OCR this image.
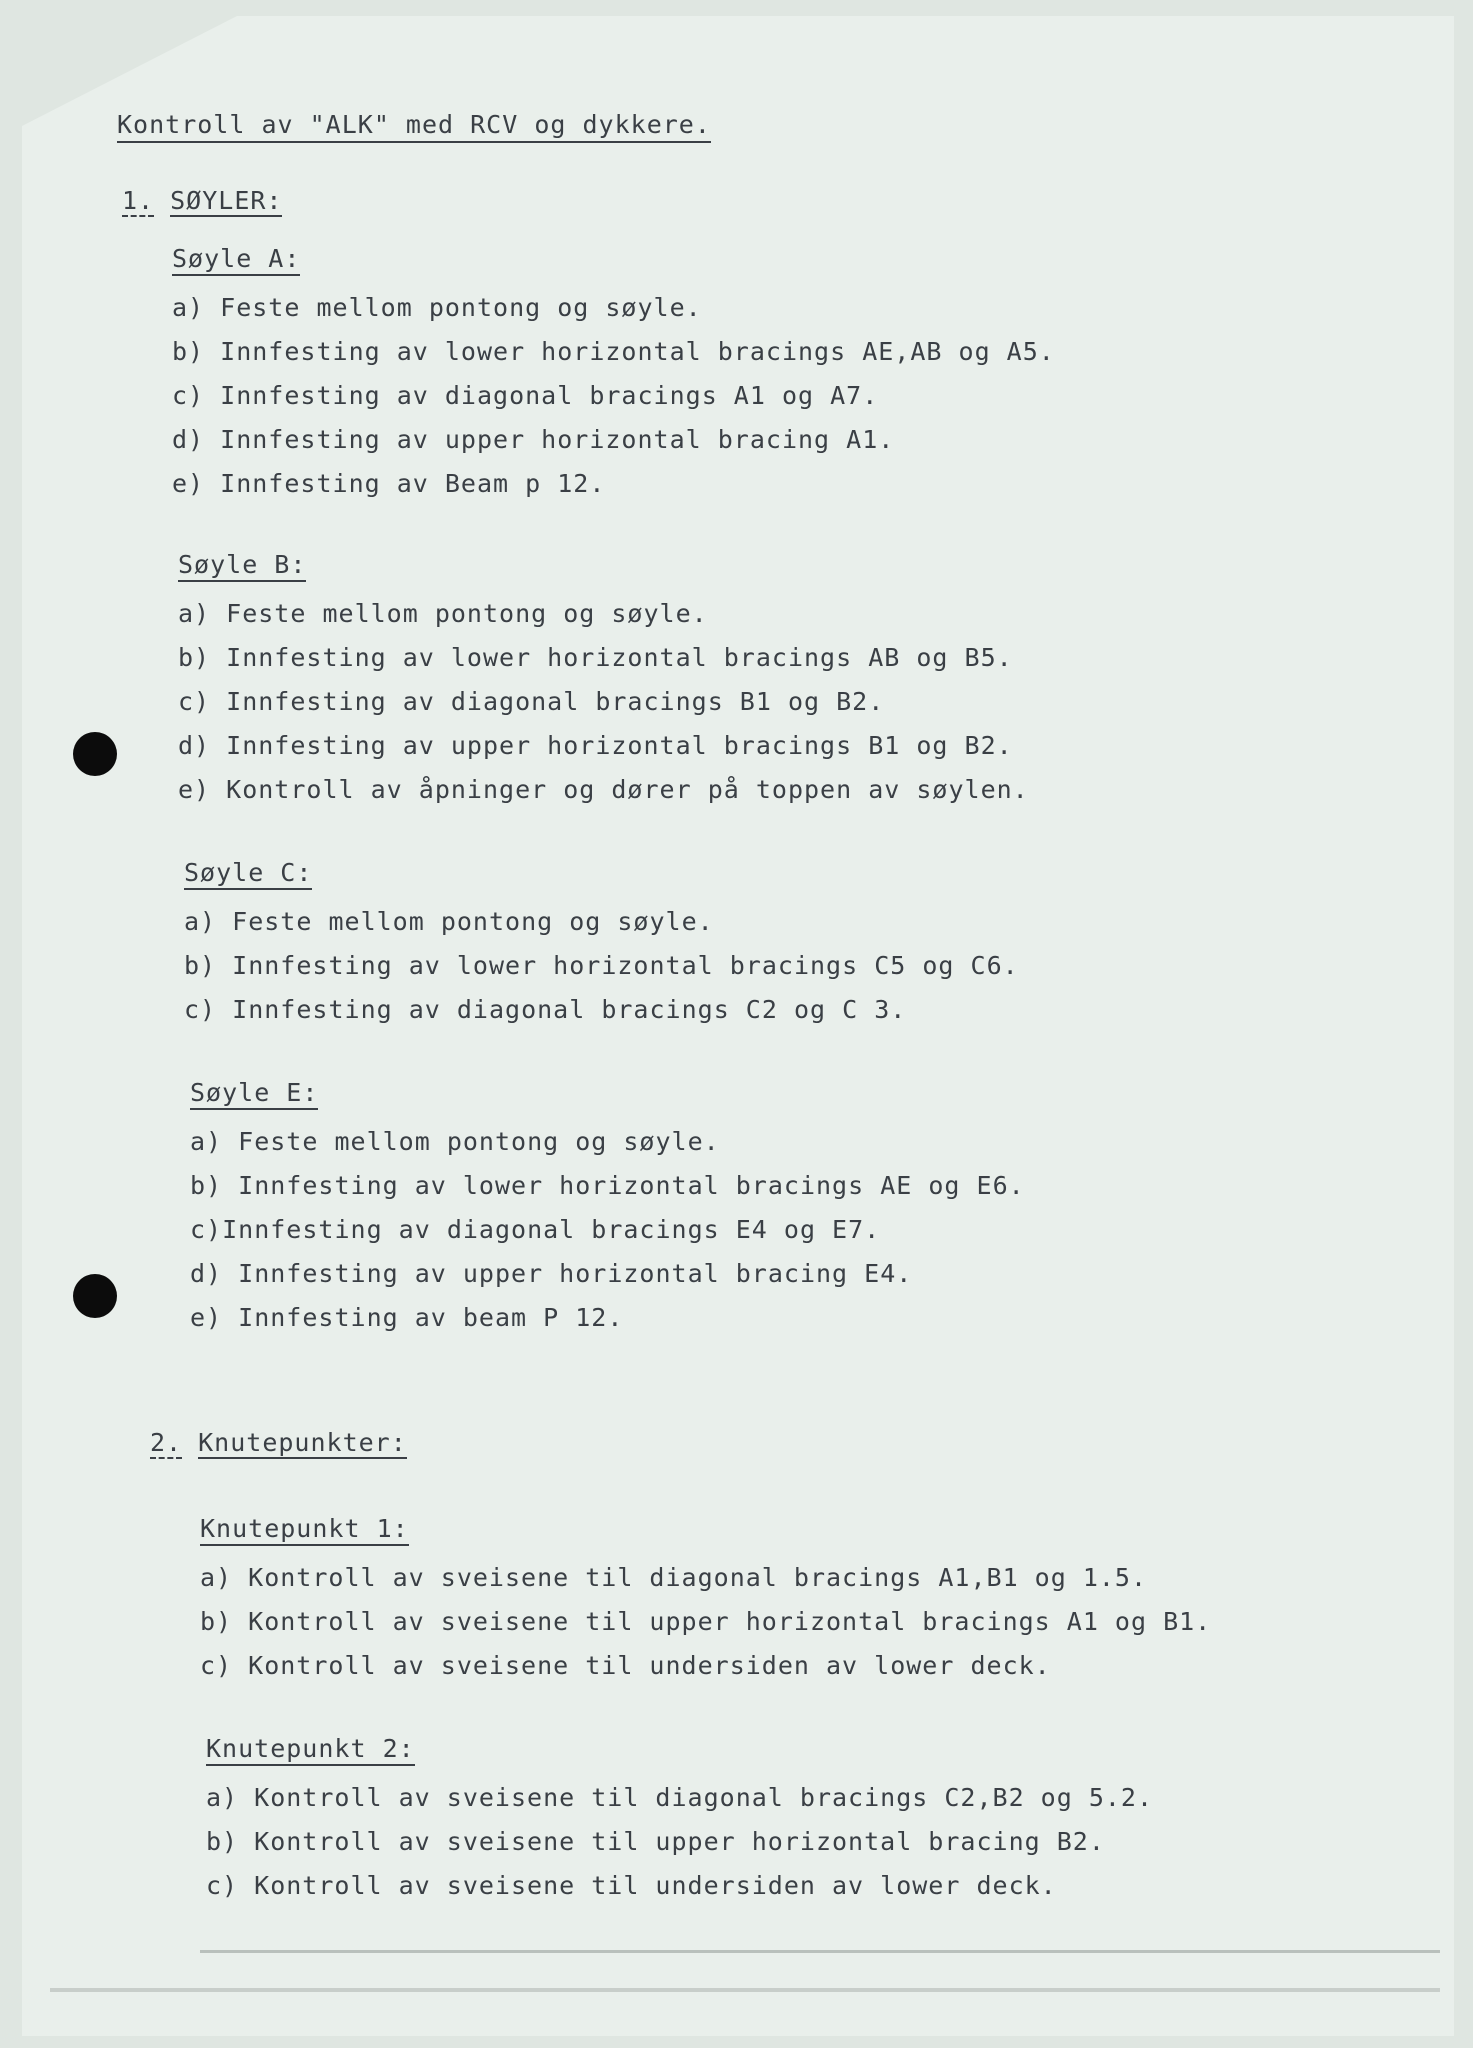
Kontroll av "ALK" med RCV og dykkere.
1. SØYLER:
Søyle A:
a) Feste mellom pontong og søyle.
b) Innfesting av lower horizontal bracings AE,AB og A5.
c) Innfesting av diagonal bracings A1 og A7.
d) Innfesting av upper horizontal bracing A1.
e) Innfesting av Beam p 12.
Søyle B:
a) Feste mellom pontong og søyle.
b) Innfesting av lower horizontal bracings AB og B5.
c) Innfesting av diagonal bracings B1 og B2.
d) Innfesting av upper horizontal bracings B1 og B2.
e) Kontroll av åpninger og dører på toppen av søylen.
Søyle C:
a) Feste mellom pontong og søyle.
b) Innfesting av lower horizontal bracings C5 og C6.
c) Innfesting av diagonal bracings C2 og C 3.
Søyle E:
a) Feste mellom pontong og søyle.
b) Innfesting av lower horizontal bracings AE og E6.
c)Innfesting av diagonal bracings E4 og E7.
d) Innfesting av upper horizontal bracing E4.
e) Innfesting av beam P 12.
2. Knutepunkter:
Knutepunkt 1:
a) Kontroll av sveisene til diagonal bracings A1,B1 og 1.5.
b) Kontroll av sveisene til upper horizontal bracings A1 og B1.
c) Kontroll av sveisene til undersiden av lower deck.
Knutepunkt 2:
a) Kontroll av sveisene til diagonal bracings C2,B2 og 5.2.
b) Kontroll av sveisene til upper horizontal bracing B2.
c) Kontroll av sveisene til undersiden av lower deck.
